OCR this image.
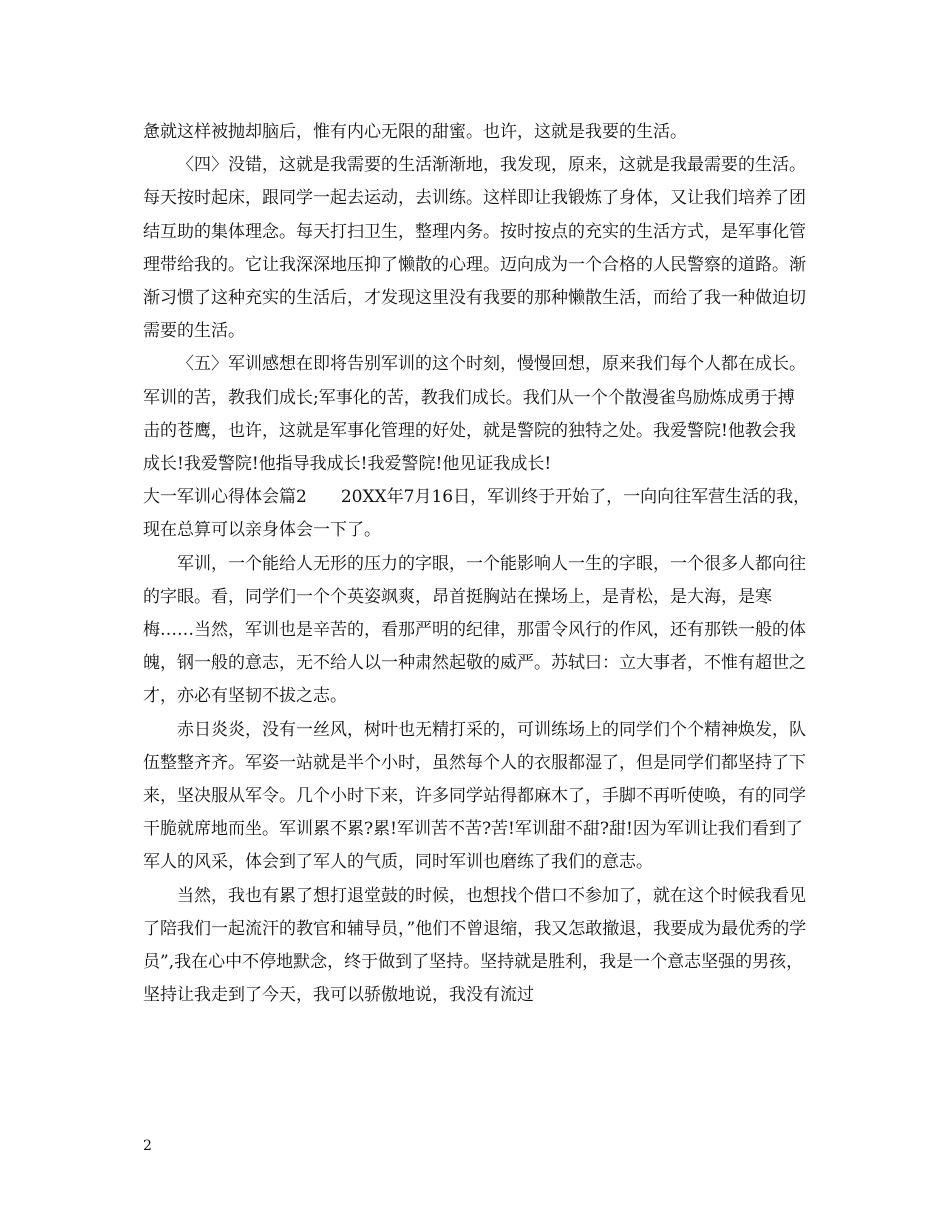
惫就这样被抛却脑后，惟有内心无限的甜蜜。也许，这就是我要的生活。

〈四〉没错，这就是我需要的生活渐渐地，我发现，原来，这就是我最需要的生活。每天按时起床，跟同学一起去运动，去训练。这样即让我锻炼了身体，又让我们培养了团结互助的集体理念。每天打扫卫生，整理内务。按时按点的充实的生活方式，是军事化管理带给我的。它让我深深地压抑了懒散的心理。迈向成为一个合格的人民警察的道路。渐渐习惯了这种充实的生活后，才发现这里没有我要的那种懒散生活，而给了我一种做迫切需要的生活。

〈五〉军训感想在即将告别军训的这个时刻，慢慢回想，原来我们每个人都在成长。军训的苦，教我们成长;军事化的苦，教我们成长。我们从一个个散漫雀鸟励炼成勇于搏击的苍鹰，也许，这就是军事化管理的好处，就是警院的独特之处。我爱警院!他教会我成长!我爱警院!他指导我成长!我爱警院!他见证我成长!

大一军训心得体会篇2　　20XX年7月16日，军训终于开始了，一向向往军营生活的我，现在总算可以亲身体会一下了。

军训，一个能给人无形的压力的字眼，一个能影响人一生的字眼，一个很多人都向往的字眼。看，同学们一个个英姿飒爽，昂首挺胸站在操场上，是青松，是大海，是寒梅……当然，军训也是辛苦的，看那严明的纪律，那雷令风行的作风，还有那铁一般的体魄，钢一般的意志，无不给人以一种肃然起敬的威严。苏轼曰：立大事者，不惟有超世之才，亦必有坚韧不拔之志。

赤日炎炎，没有一丝风，树叶也无精打采的，可训练场上的同学们个个精神焕发，队伍整整齐齐。军姿一站就是半个小时，虽然每个人的衣服都湿了，但是同学们都坚持了下来，坚决服从军令。几个小时下来，许多同学站得都麻木了，手脚不再听使唤，有的同学干脆就席地而坐。军训累不累?累!军训苦不苦?苦!军训甜不甜?甜!因为军训让我们看到了军人的风采，体会到了军人的气质，同时军训也磨练了我们的意志。

当然，我也有累了想打退堂鼓的时候，也想找个借口不参加了，就在这个时候我看见了陪我们一起流汗的教官和辅导员，”他们不曾退缩，我又怎敢撤退，我要成为最优秀的学员”,我在心中不停地默念，终于做到了坚持。坚持就是胜利，我是一个意志坚强的男孩，坚持让我走到了今天，我可以骄傲地说，我没有流过

2
